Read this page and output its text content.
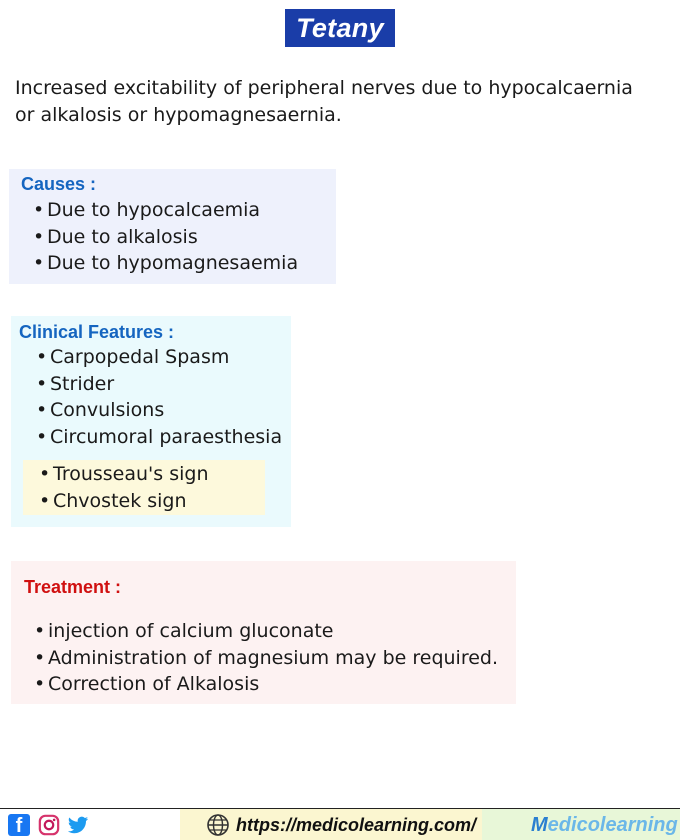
Tetany

Increased excitability of peripheral nerves due to hypocalcaernia or alkalosis or hypomagnesaernia.

Causes :
• Due to hypocalcaemia
• Due to alkalosis
• Due to hypomagnesaemia
Clinical Features :
• Carpopedal Spasm
• Strider
• Convulsions
• Circumoral paraesthesia
• Trousseau's sign
• Chvostek sign
Treatment :
• injection of calcium gluconate
• Administration of magnesium may be required.
• Correction of Alkalosis
f	https://medicolearning.com/	Medicolearning
